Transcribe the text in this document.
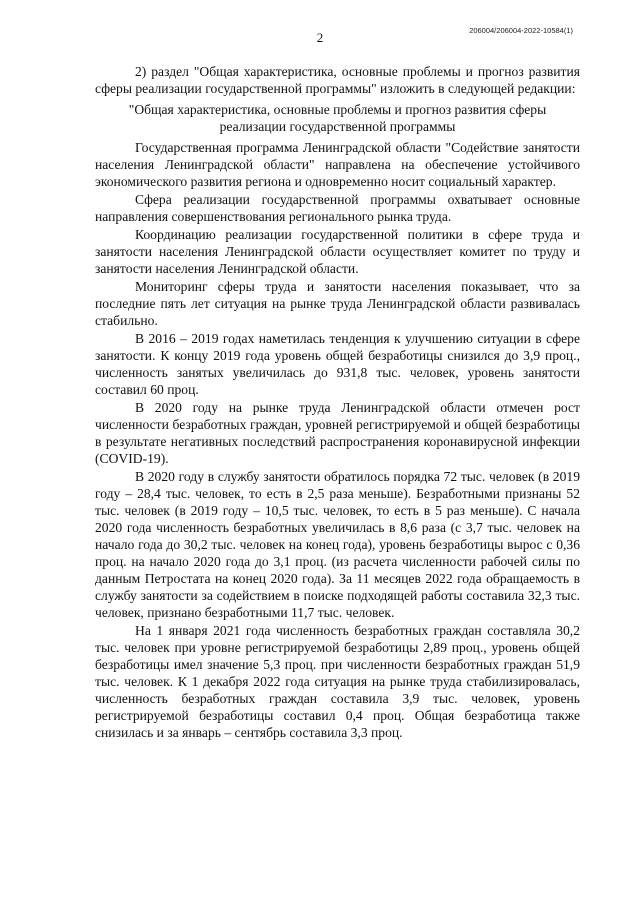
2	206004/206004-2022-10584(1)

2) раздел "Общая характеристика, основные проблемы и прогноз развития сферы реализации государственной программы" изложить в следующей редакции:

"Общая характеристика, основные проблемы и прогноз развития сферы реализации государственной программы

Государственная программа Ленинградской области "Содействие занятости населения Ленинградской области" направлена на обеспечение устойчивого экономического развития региона и одновременно носит социальный характер.

Сфера реализации государственной программы охватывает основные направления совершенствования регионального рынка труда.

Координацию реализации государственной политики в сфере труда и занятости населения Ленинградской области осуществляет комитет по труду и занятости населения Ленинградской области.

Мониторинг сферы труда и занятости населения показывает, что за последние пять лет ситуация на рынке труда Ленинградской области развивалась стабильно.

В 2016 – 2019 годах наметилась тенденция к улучшению ситуации в сфере занятости. К концу 2019 года уровень общей безработицы снизился до 3,9 проц., численность занятых увеличилась до 931,8 тыс. человек, уровень занятости составил 60 проц.

В 2020 году на рынке труда Ленинградской области отмечен рост численности безработных граждан, уровней регистрируемой и общей безработицы в результате негативных последствий распространения коронавирусной инфекции (COVID-19).

В 2020 году в службу занятости обратилось порядка 72 тыс. человек (в 2019 году – 28,4 тыс. человек, то есть в 2,5 раза меньше). Безработными признаны 52 тыс. человек (в 2019 году – 10,5 тыс. человек, то есть в 5 раз меньше). С начала 2020 года численность безработных увеличилась в 8,6 раза (с 3,7 тыс. человек на начало года до 30,2 тыс. человек на конец года), уровень безработицы вырос с 0,36 проц. на начало 2020 года до 3,1 проц. (из расчета численности рабочей силы по данным Петростата на конец 2020 года). За 11 месяцев 2022 года обращаемость в службу занятости за содействием в поиске подходящей работы составила 32,3 тыс. человек, признано безработными 11,7 тыс. человек.

На 1 января 2021 года численность безработных граждан составляла 30,2 тыс. человек при уровне регистрируемой безработицы 2,89 проц., уровень общей безработицы имел значение 5,3 проц. при численности безработных граждан 51,9 тыс. человек. К 1 декабря 2022 года ситуация на рынке труда стабилизировалась, численность безработных граждан составила 3,9 тыс. человек, уровень регистрируемой безработицы составил 0,4 проц. Общая безработица также снизилась и за январь – сентябрь составила 3,3 проц.
